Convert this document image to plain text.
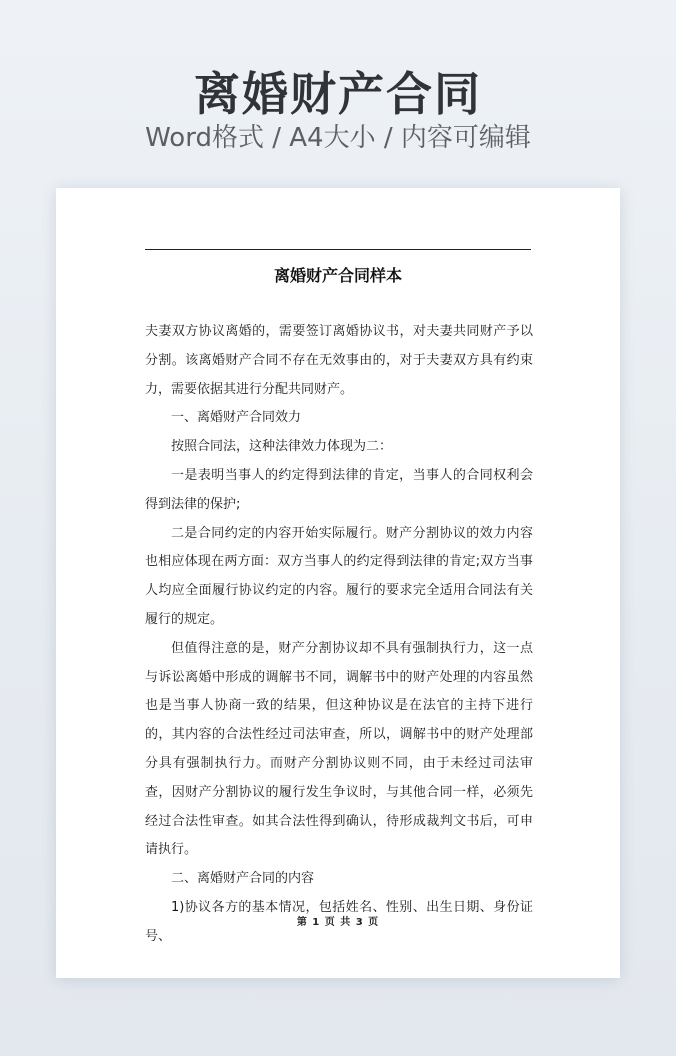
离婚财产合同
Word格式 / A4大小 / 内容可编辑
离婚财产合同样本

夫妻双方协议离婚的，需要签订离婚协议书，对夫妻共同财产予以分割。该离婚财产合同不存在无效事由的，对于夫妻双方具有约束力，需要依据其进行分配共同财产。

一、离婚财产合同效力

按照合同法，这种法律效力体现为二：

一是表明当事人的约定得到法律的肯定，当事人的合同权利会得到法律的保护;

二是合同约定的内容开始实际履行。财产分割协议的效力内容也相应体现在两方面：双方当事人的约定得到法律的肯定;双方当事人均应全面履行协议约定的内容。履行的要求完全适用合同法有关履行的规定。

但值得注意的是，财产分割协议却不具有强制执行力，这一点与诉讼离婚中形成的调解书不同，调解书中的财产处理的内容虽然也是当事人协商一致的结果，但这种协议是在法官的主持下进行的，其内容的合法性经过司法审查，所以，调解书中的财产处理部分具有强制执行力。而财产分割协议则不同，由于未经过司法审查，因财产分割协议的履行发生争议时，与其他合同一样，必须先经过合法性审查。如其合法性得到确认，待形成裁判文书后，可申请执行。

二、离婚财产合同的内容

1)协议各方的基本情况，包括姓名、性别、出生日期、身份证号、

第 1 页 共 3 页
